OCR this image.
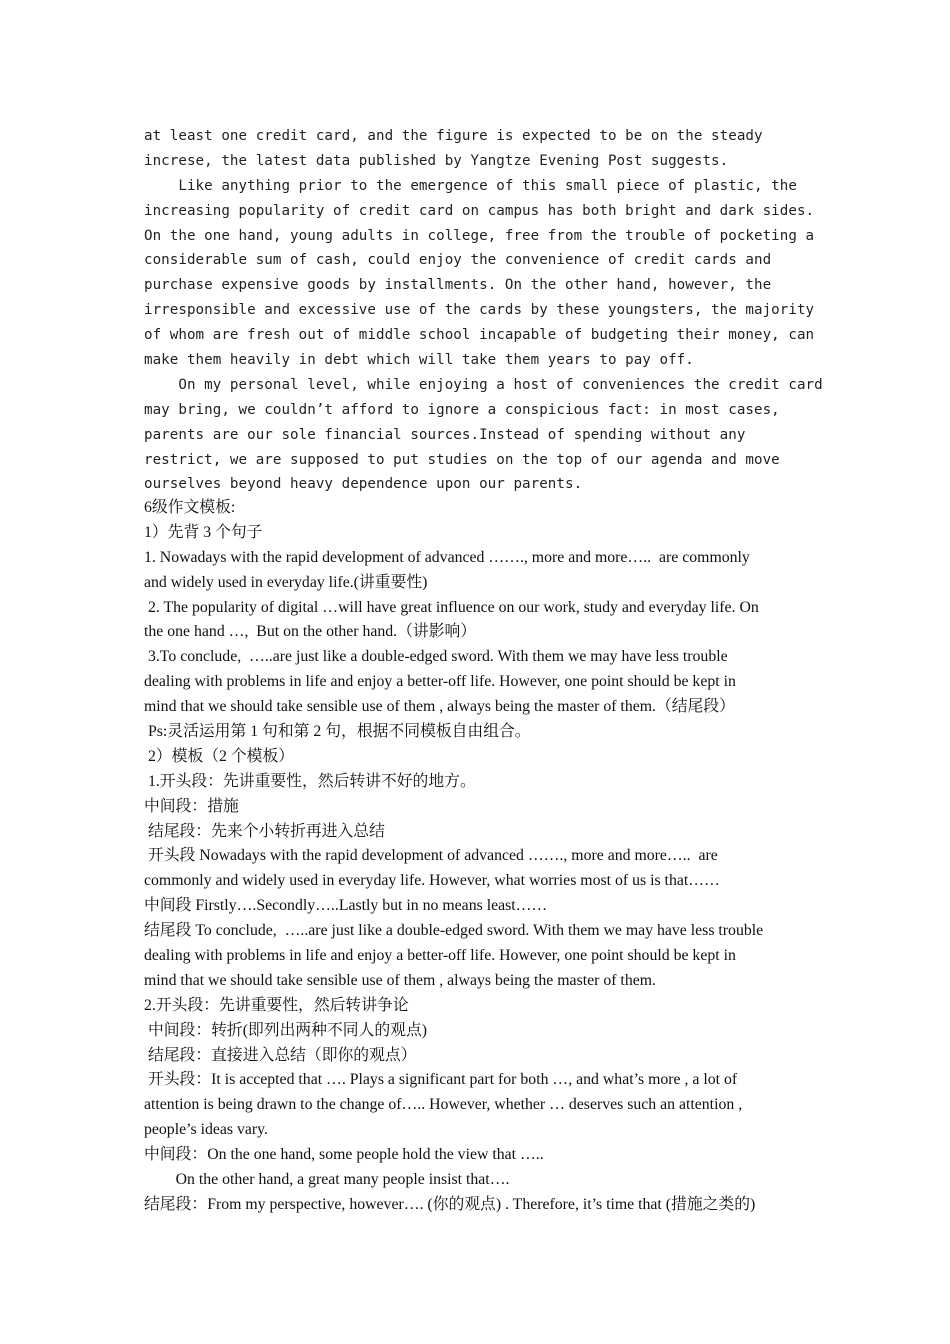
at least one credit card, and the figure is expected to be on the steady
increse, the latest data published by Yangtze Evening Post suggests.
Like anything prior to the emergence of this small piece of plastic, the
increasing popularity of credit card on campus has both bright and dark sides.
On the one hand, young adults in college, free from the trouble of pocketing a
considerable sum of cash, could enjoy the convenience of credit cards and
purchase expensive goods by installments. On the other hand, however, the
irresponsible and excessive use of the cards by these youngsters, the majority
of whom are fresh out of middle school incapable of budgeting their money, can
make them heavily in debt which will take them years to pay off.
On my personal level, while enjoying a host of conveniences the credit card
may bring, we couldn’t afford to ignore a conspicious fact: in most cases,
parents are our sole financial sources.Instead of spending without any
restrict, we are supposed to put studies on the top of our agenda and move
ourselves beyond heavy dependence upon our parents.
6级作文模板:
1）先背 3 个句子
1. Nowadays with the rapid development of advanced ……., more and more…..  are commonly
and widely used in everyday life.(讲重要性)
2. The popularity of digital …will have great influence on our work, study and everyday life. On
the one hand …,  But on the other hand.（讲影响）
3.To conclude,  …..are just like a double-edged sword. With them we may have less trouble
dealing with problems in life and enjoy a better-off life. However, one point should be kept in
mind that we should take sensible use of them , always being the master of them.（结尾段）
Ps:灵活运用第 1 句和第 2 句，根据不同模板自由组合。
2）模板（2 个模板）
1.开头段：先讲重要性，然后转讲不好的地方。
中间段：措施
结尾段：先来个小转折再进入总结
开头段 Nowadays with the rapid development of advanced ……., more and more…..  are
commonly and widely used in everyday life. However, what worries most of us is that……
中间段 Firstly….Secondly…..Lastly but in no means least……
结尾段 To conclude,  …..are just like a double-edged sword. With them we may have less trouble
dealing with problems in life and enjoy a better-off life. However, one point should be kept in
mind that we should take sensible use of them , always being the master of them.
2.开头段：先讲重要性，然后转讲争论
中间段：转折(即列出两种不同人的观点)
结尾段：直接进入总结（即你的观点）
开头段：It is accepted that …. Plays a significant part for both …, and what’s more , a lot of
attention is being drawn to the change of….. However, whether … deserves such an attention ,
people’s ideas vary.
中间段：On the one hand, some people hold the view that …..
On the other hand, a great many people insist that….
结尾段：From my perspective, however…. (你的观点) . Therefore, it’s time that (措施之类的)
